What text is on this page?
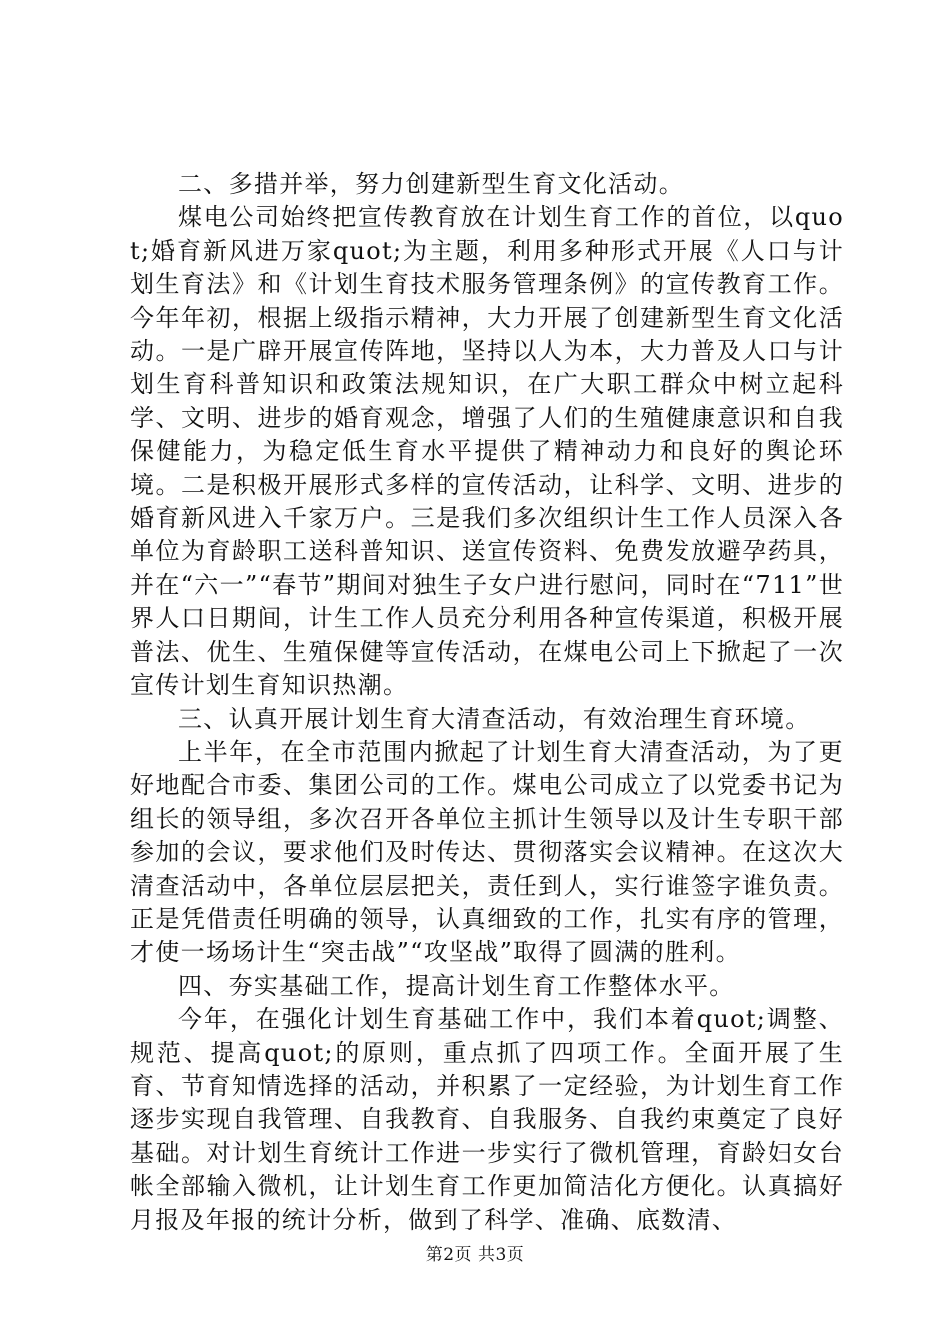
二、多措并举，努力创建新型生育文化活动。

煤电公司始终把宣传教育放在计划生育工作的首位，以quot;婚育新风进万家quot;为主题，利用多种形式开展《人口与计划生育法》和《计划生育技术服务管理条例》的宣传教育工作。今年年初，根据上级指示精神，大力开展了创建新型生育文化活动。一是广辟开展宣传阵地，坚持以人为本，大力普及人口与计划生育科普知识和政策法规知识，在广大职工群众中树立起科学、文明、进步的婚育观念，增强了人们的生殖健康意识和自我保健能力，为稳定低生育水平提供了精神动力和良好的舆论环境。二是积极开展形式多样的宣传活动，让科学、文明、进步的婚育新风进入千家万户。三是我们多次组织计生工作人员深入各单位为育龄职工送科普知识、送宣传资料、免费发放避孕药具，并在“六一”“春节”期间对独生子女户进行慰问，同时在“711”世界人口日期间，计生工作人员充分利用各种宣传渠道，积极开展普法、优生、生殖保健等宣传活动，在煤电公司上下掀起了一次宣传计划生育知识热潮。

三、认真开展计划生育大清查活动，有效治理生育环境。

上半年，在全市范围内掀起了计划生育大清查活动，为了更好地配合市委、集团公司的工作。煤电公司成立了以党委书记为组长的领导组，多次召开各单位主抓计生领导以及计生专职干部参加的会议，要求他们及时传达、贯彻落实会议精神。在这次大清查活动中，各单位层层把关，责任到人，实行谁签字谁负责。正是凭借责任明确的领导，认真细致的工作，扎实有序的管理，才使一场场计生“突击战”“攻坚战”取得了圆满的胜利。

四、夯实基础工作，提高计划生育工作整体水平。

今年，在强化计划生育基础工作中，我们本着quot;调整、规范、提高quot;的原则，重点抓了四项工作。全面开展了生育、节育知情选择的活动，并积累了一定经验，为计划生育工作逐步实现自我管理、自我教育、自我服务、自我约束奠定了良好基础。对计划生育统计工作进一步实行了微机管理，育龄妇女台帐全部输入微机，让计划生育工作更加简洁化方便化。认真搞好月报及年报的统计分析，做到了科学、准确、底数清、

第2页 共3页
